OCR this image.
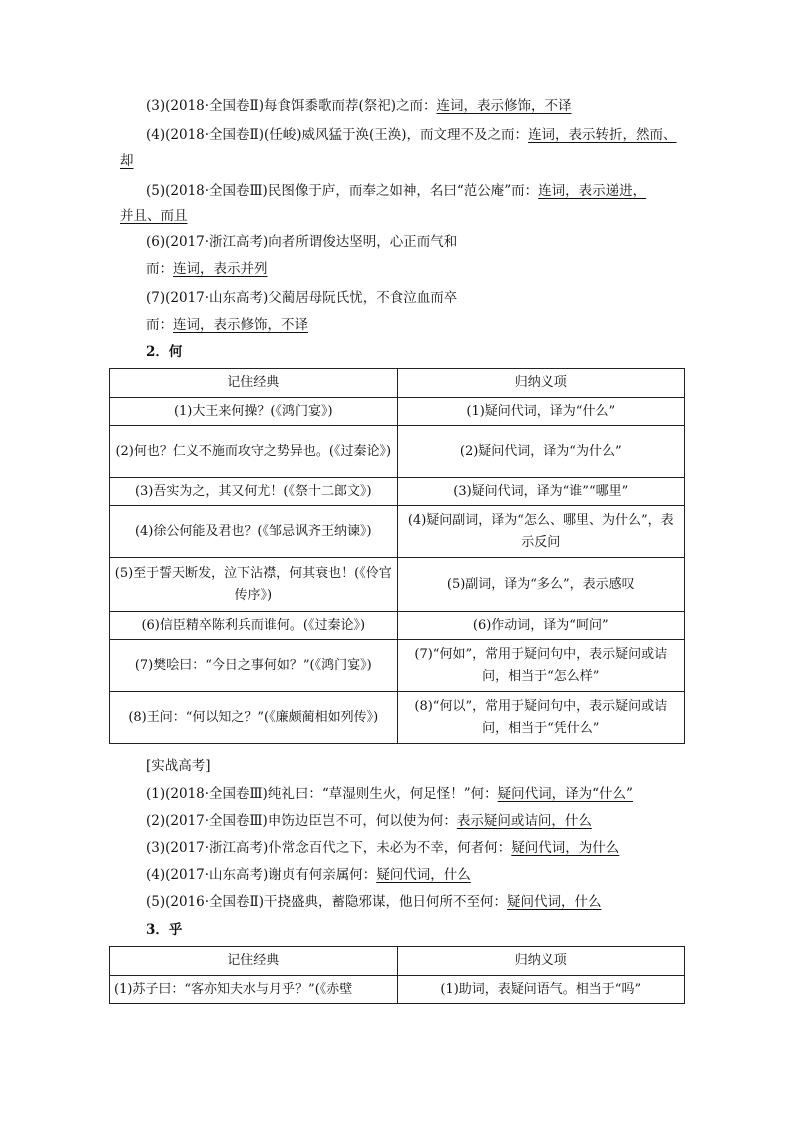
(3)(2018·全国卷Ⅱ)每食饵黍歌而荐(祭祀)之而：连词，表示修饰，不译
(4)(2018·全国卷Ⅱ)(任峻)威风猛于涣(王涣)，而文理不及之而：连词，表示转折，然而、
却
(5)(2018·全国卷Ⅲ)民图像于庐，而奉之如神，名曰“范公庵”而：连词，表示递进，
并且、而且
(6)(2017·浙江高考)向者所谓俊达坚明，心正而气和
而：连词，表示并列
(7)(2017·山东高考)父蔺居母阮氏忧，不食泣血而卒
而：连词，表示修饰，不译
2．何
记住经典	归纳义项
(1)大王来何操？(《鸿门宴》)	(1)疑问代词，译为“什么”
(2)何也？仁义不施而攻守之势异也。(《过秦论》)	(2)疑问代词，译为“为什么”
(3)吾实为之，其又何尤！(《祭十二郎文》)	(3)疑问代词，译为“谁”“哪里”
(4)徐公何能及君也？(《邹忌讽齐王纳谏》)	(4)疑问副词，译为“怎么、哪里、为什么”，表示反问
(5)至于誓天断发，泣下沾襟，何其衰也！(《伶官传序》)	(5)副词，译为“多么”，表示感叹
(6)信臣精卒陈利兵而谁何。(《过秦论》)	(6)作动词，译为“呵问”
(7)樊哙曰：“今日之事何如？”(《鸿门宴》)	(7)“何如”，常用于疑问句中，表示疑问或诘问，相当于“怎么样”
(8)王问：“何以知之？”(《廉颇蔺相如列传》)	(8)“何以”，常用于疑问句中，表示疑问或诘问，相当于“凭什么”
[实战高考]
(1)(2018·全国卷Ⅲ)纯礼曰：“草湿则生火，何足怪！”何：疑问代词，译为“什么”
(2)(2017·全国卷Ⅲ)申饬边臣岂不可，何以使为何：表示疑问或诘问，什么
(3)(2017·浙江高考)仆常念百代之下，未必为不幸，何者何：疑问代词，为什么
(4)(2017·山东高考)谢贞有何亲属何：疑问代词，什么
(5)(2016·全国卷Ⅱ)干挠盛典，蓄隐邪谋，他日何所不至何：疑问代词，什么
3．乎
记住经典	归纳义项
(1)苏子曰：“客亦知夫水与月乎？”(《赤壁	(1)助词，表疑问语气。相当于“吗”
